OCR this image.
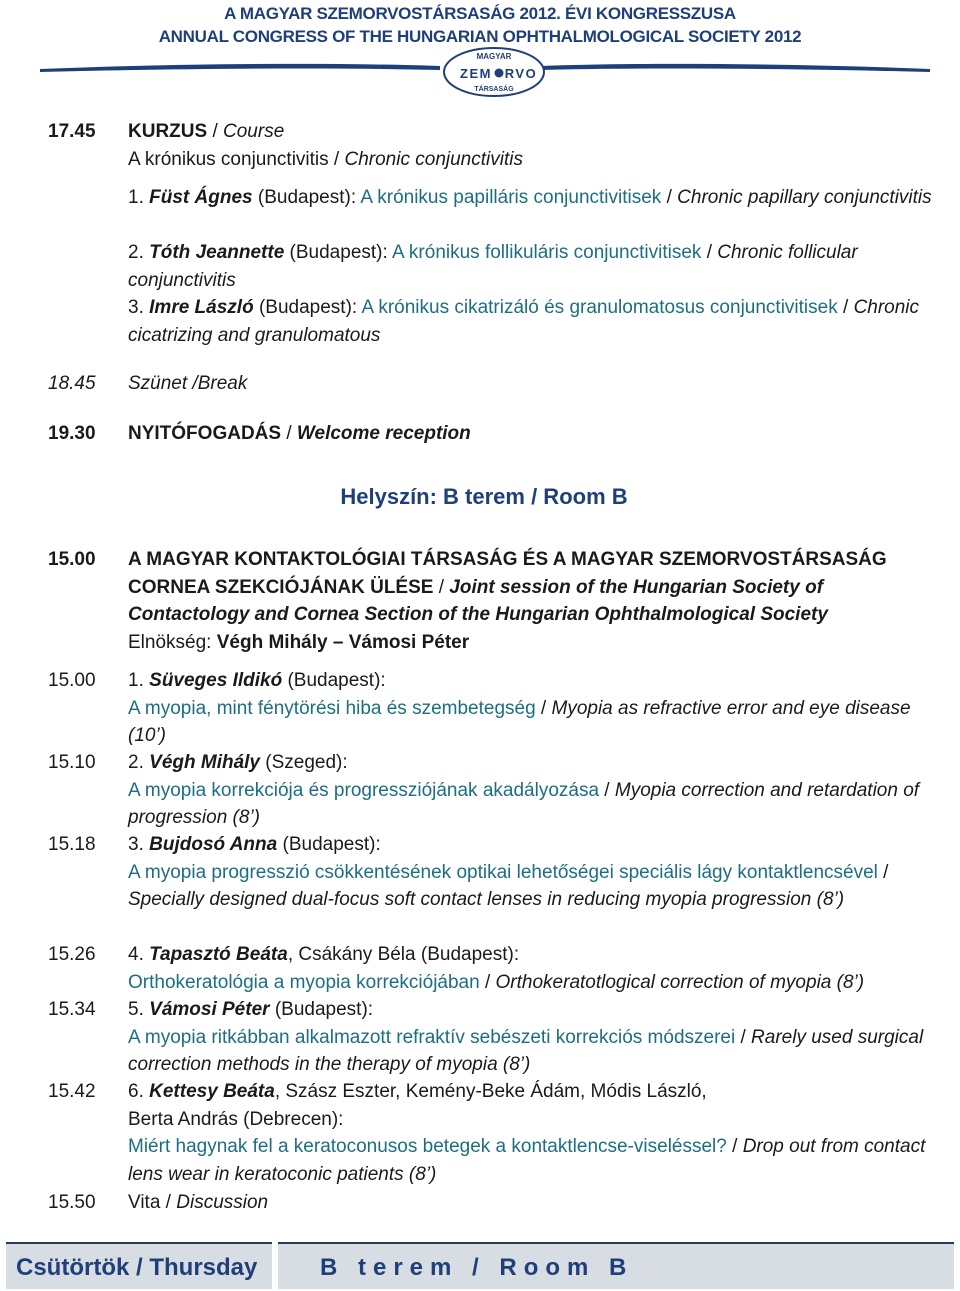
A MAGYAR SZEMORVOSTÁRSASÁG 2012. ÉVI KONGRESSZUSA
ANNUAL CONGRESS OF THE HUNGARIAN OPHTHALMOLOGICAL SOCIETY 2012
MAGYAR
ZEM RVO
TÁRSASÁG
17.45 KURZUS / Course
A krónikus conjunctivitis / Chronic conjunctivitis
1. Füst Ágnes (Budapest): A krónikus papilláris conjunctivitisek / Chronic papillary conjunctivitis
2. Tóth Jeannette (Budapest): A krónikus follikuláris conjunctivitisek / Chronic follicular conjunctivitis
3. Imre László (Budapest): A krónikus cikatrizáló és granulomatosus conjunctivitisek / Chronic cicatrizing and granulomatous
18.45 Szünet /Break
19.30 NYITÓFOGADÁS / Welcome reception
Helyszín: B terem / Room B
15.00 A MAGYAR KONTAKTOLÓGIAI TÁRSASÁG ÉS A MAGYAR SZEMORVOSTÁRSASÁG CORNEA SZEKCIÓJÁNAK ÜLÉSE / Joint session of the Hungarian Society of Contactology and Cornea Section of the Hungarian Ophthalmological Society
Elnökség: Végh Mihály – Vámosi Péter
15.00 1. Süveges Ildikó (Budapest):
A myopia, mint fénytörési hiba és szembetegség / Myopia as refractive error and eye disease (10’)
15.10 2. Végh Mihály (Szeged):
A myopia korrekciója és progressziójának akadályozása / Myopia correction and retardation of progression (8’)
15.18 3. Bujdosó Anna (Budapest):
A myopia progresszió csökkentésének optikai lehetőségei speciális lágy kontaktlencsével / Specially designed dual-focus soft contact lenses in reducing myopia progression (8’)
15.26 4. Tapasztó Beáta, Csákány Béla (Budapest):
Orthokeratológia a myopia korrekciójában / Orthokeratotlogical correction of myopia (8’)
15.34 5. Vámosi Péter (Budapest):
A myopia ritkábban alkalmazott refraktív sebészeti korrekciós módszerei / Rarely used surgical correction methods in the therapy of myopia (8’)
15.42 6. Kettesy Beáta, Szász Eszter, Kemény-Beke Ádám, Módis László,
Berta András (Debrecen):
Miért hagynak fel a keratoconusos betegek a kontaktlencse-viseléssel? / Drop out from contact lens wear in keratoconic patients (8’)
15.50 Vita / Discussion
Csütörtök / Thursday	B terem / Room B
